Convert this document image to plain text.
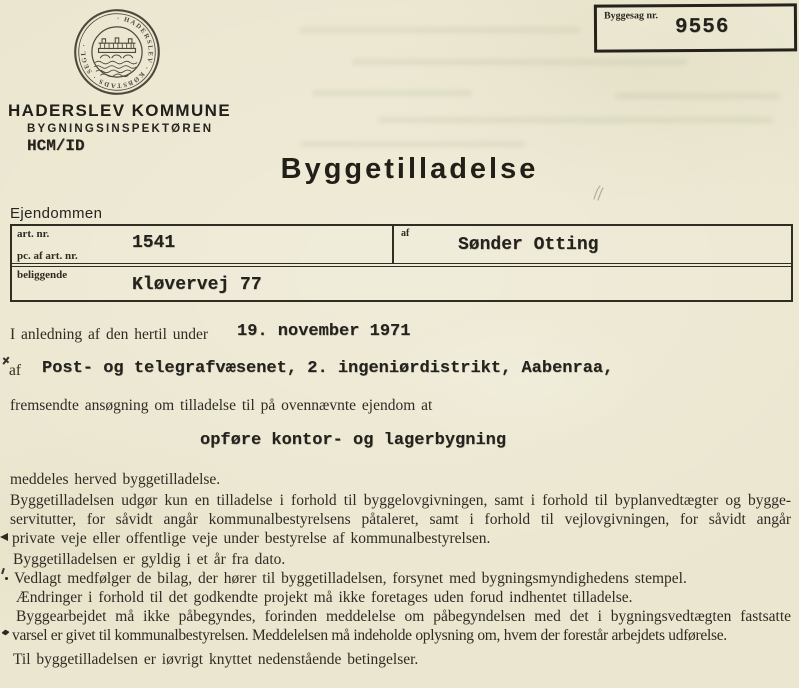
· HADERSLEV · KØBSTADS · SEGL ·
HADERSLEV KOMMUNE
BYGNINGSINSPEKTØREN
HCM/ID
Byggesag nr. 9556
Byggetilladelse
Ejendommen
art. nr.
pc. af art. nr.
1541	af
Sønder Otting
beliggende	Kløvervej 77
I anledning af den hertil under 19. november 1971
af Post- og telegrafvæsenet, 2. ingeniørdistrikt, Aabenraa,
fremsendte ansøgning om tilladelse til på ovennævnte ejendom at
opføre kontor- og lagerbygning
meddeles herved byggetilladelse.
Byggetilladelsen udgør kun en tilladelse i forhold til byggelovgivningen, samt i forhold til byplanvedtægter og bygge-
servitutter, for såvidt angår kommunalbestyrelsens påtaleret, samt i forhold til vejlovgivningen, for såvidt angår
private veje eller offentlige veje under bestyrelse af kommunalbestyrelsen.
Byggetilladelsen er gyldig i et år fra dato.
Vedlagt medfølger de bilag, der hører til byggetilladelsen, forsynet med bygningsmyndighedens stempel.
Ændringer i forhold til det godkendte projekt må ikke foretages uden forud indhentet tilladelse.
Byggearbejdet må ikke påbegyndes, forinden meddelelse om påbegyndelsen med det i bygningsvedtægten fastsatte
varsel er givet til kommunalbestyrelsen. Meddelelsen må indeholde oplysning om, hvem der forestår arbejdets udførelse.
Til byggetilladelsen er iøvrigt knyttet nedenstående betingelser.
